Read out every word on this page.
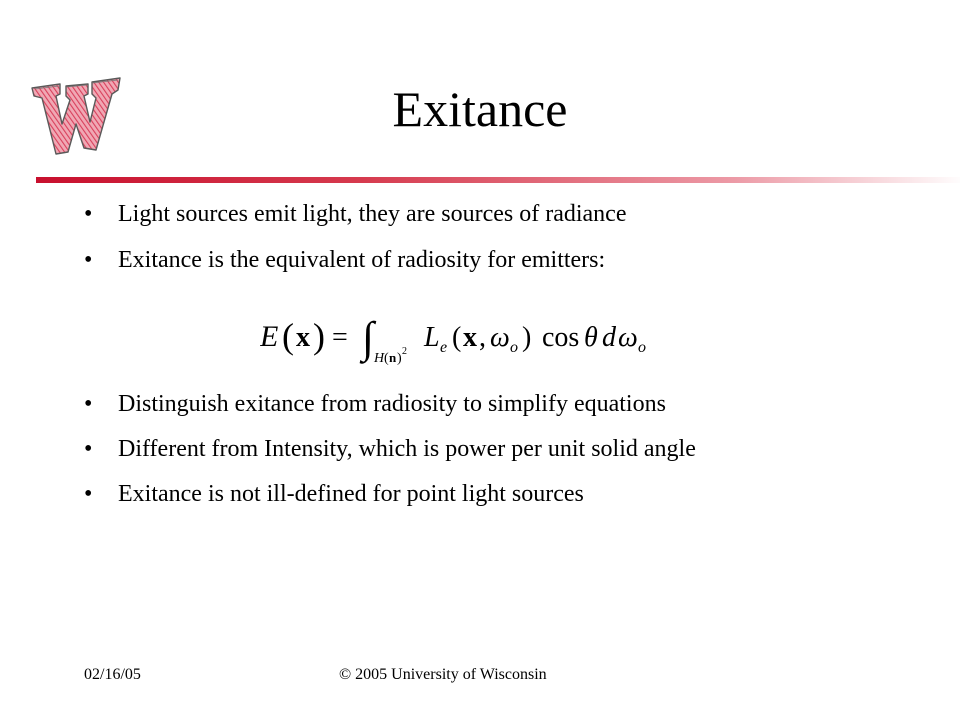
Exitance
• Light sources emit light, they are sources of radiance
• Exitance is the equivalent of radiosity for emitters:
• Distinguish exitance from radiosity to simplify equations
• Different from Intensity, which is power per unit solid angle
• Exitance is not ill-defined for point light sources
E ( x ) = ∫ H ( n ) 2 L e ( x , ω o ) cos θ d ω o
02/16/05	© 2005 University of Wisconsin
